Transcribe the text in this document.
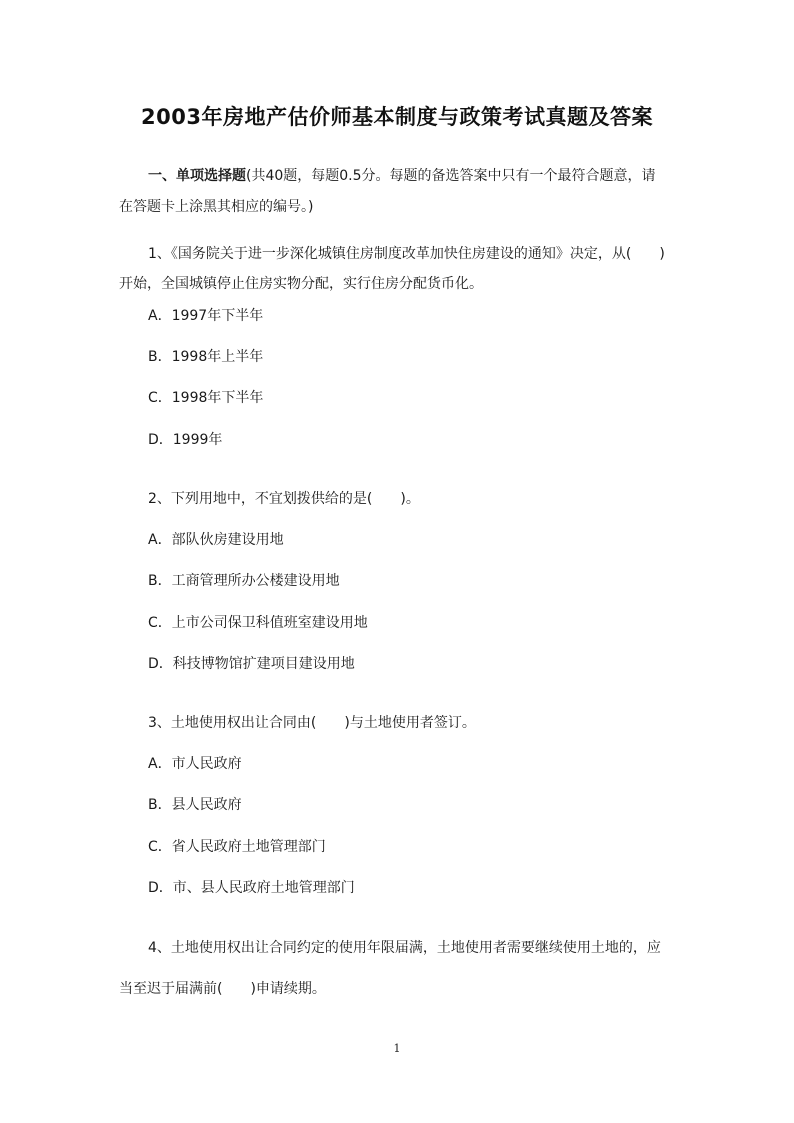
2003年房地产估价师基本制度与政策考试真题及答案
一、单项选择题(共40题，每题0.5分。每题的备选答案中只有一个最符合题意，请
在答题卡上涂黑其相应的编号。)
1、《国务院关于进一步深化城镇住房制度改革加快住房建设的通知》决定，从(　　)
开始，全国城镇停止住房实物分配，实行住房分配货币化。
A．1997年下半年
B．1998年上半年
C．1998年下半年
D．1999年
2、下列用地中，不宜划拨供给的是(　　)。
A．部队伙房建设用地
B．工商管理所办公楼建设用地
C．上市公司保卫科值班室建设用地
D．科技博物馆扩建项目建设用地
3、土地使用权出让合同由(　　)与土地使用者签订。
A．市人民政府
B．县人民政府
C．省人民政府土地管理部门
D．市、县人民政府土地管理部门
4、土地使用权出让合同约定的使用年限届满，土地使用者需要继续使用土地的，应
当至迟于届满前(　　)申请续期。
1
